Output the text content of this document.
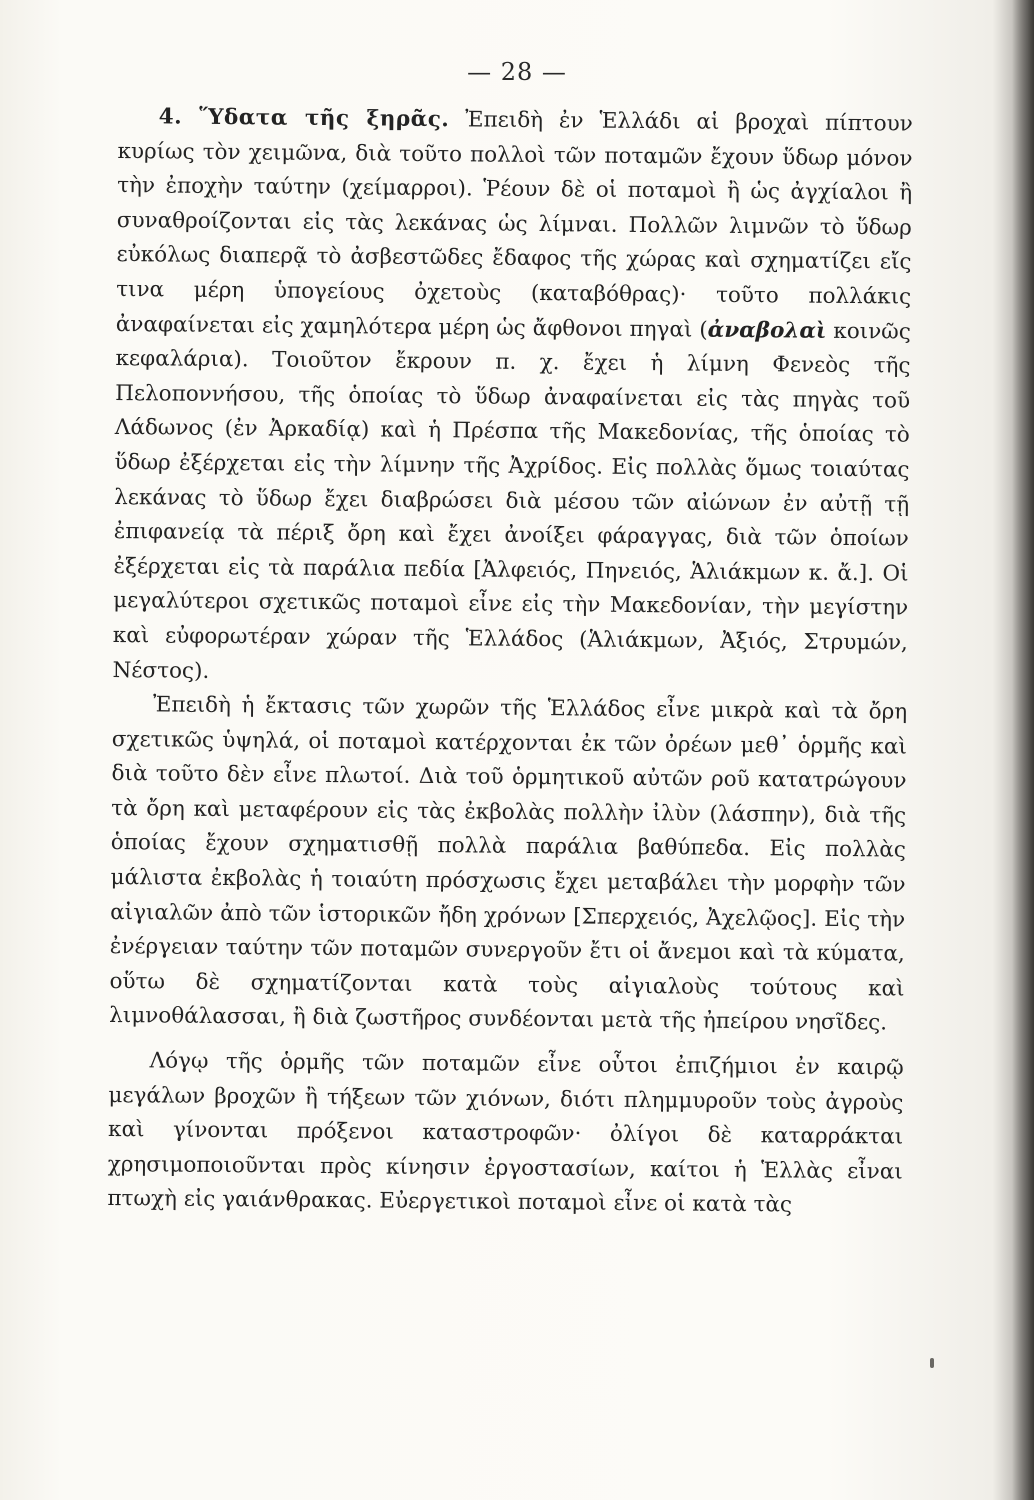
— 28 —

4. Ὕδατα τῆς ξηρᾶς. Ἐπειδὴ ἐν Ἑλλάδι αἱ βροχαὶ πίπτουν κυρίως τὸν χειμῶνα, διὰ τοῦτο πολλοὶ τῶν ποταμῶν ἔχουν ὕδωρ μόνον τὴν ἐποχὴν ταύτην (χείμαρροι). Ῥέουν δὲ οἱ ποταμοὶ ἢ ὡς ἀγχίαλοι ἢ συναθροίζονται εἰς τὰς λεκάνας ὡς λίμναι. Πολλῶν λιμνῶν τὸ ὕδωρ εὐκόλως διαπερᾷ τὸ ἀσβεστῶδες ἔδαφος τῆς χώρας καὶ σχηματίζει εἴς τινα μέρη ὑπογείους ὀχετοὺς (καταβόθρας)· τοῦτο πολλάκις ἀναφαίνεται εἰς χαμηλότερα μέρη ὡς ἄφθονοι πηγαὶ (ἀναβολαὶ κοινῶς κεφαλάρια). Τοιοῦτον ἔκρουν π. χ. ἔχει ἡ λίμνη Φενεὸς τῆς Πελοποννήσου, τῆς ὁποίας τὸ ὕδωρ ἀναφαίνεται εἰς τὰς πηγὰς τοῦ Λάδωνος (ἐν Ἀρκαδίᾳ) καὶ ἡ Πρέσπα τῆς Μακεδονίας, τῆς ὁποίας τὸ ὕδωρ ἐξέρχεται εἰς τὴν λίμνην τῆς Ἀχρίδος. Εἰς πολλὰς ὅμως τοιαύτας λεκάνας τὸ ὕδωρ ἔχει διαβρώσει διὰ μέσου τῶν αἰώνων ἐν αὐτῇ τῇ ἐπιφανείᾳ τὰ πέριξ ὄρη καὶ ἔχει ἀνοίξει φάραγγας, διὰ τῶν ὁποίων ἐξέρχεται εἰς τὰ παράλια πεδία [Ἀλφειός, Πηνειός, Ἁλιάκμων κ. ἄ.]. Οἱ μεγαλύτεροι σχετικῶς ποταμοὶ εἶνε εἰς τὴν Μακεδονίαν, τὴν μεγίστην καὶ εὐφορωτέραν χώραν τῆς Ἑλλάδος (Ἁλιάκμων, Ἀξιός, Στρυμών, Νέστος).

Ἐπειδὴ ἡ ἔκτασις τῶν χωρῶν τῆς Ἑλλάδος εἶνε μικρὰ καὶ τὰ ὄρη σχετικῶς ὑψηλά, οἱ ποταμοὶ κατέρχονται ἐκ τῶν ὀρέων μεθ᾽ ὁρμῆς καὶ διὰ τοῦτο δὲν εἶνε πλωτοί. Διὰ τοῦ ὁρμητικοῦ αὐτῶν ροῦ κατατρώγουν τὰ ὄρη καὶ μεταφέρουν εἰς τὰς ἐκβολὰς πολλὴν ἰλὺν (λάσπην), διὰ τῆς ὁποίας ἔχουν σχηματισθῇ πολλὰ παράλια βαθύπεδα. Εἰς πολλὰς μάλιστα ἐκβολὰς ἡ τοιαύτη πρόσχωσις ἔχει μεταβάλει τὴν μορφὴν τῶν αἰγιαλῶν ἀπὸ τῶν ἱστορικῶν ἤδη χρόνων [Σπερχειός, Ἀχελῷος]. Εἰς τὴν ἐνέργειαν ταύτην τῶν ποταμῶν συνεργοῦν ἔτι οἱ ἄνεμοι καὶ τὰ κύματα, οὕτω δὲ σχηματίζονται κατὰ τοὺς αἰγιαλοὺς τούτους καὶ λιμνοθάλασσαι, ἢ διὰ ζωστῆρος συνδέονται μετὰ τῆς ἠπείρου νησῖδες.

Λόγῳ τῆς ὁρμῆς τῶν ποταμῶν εἶνε οὗτοι ἐπιζήμιοι ἐν καιρῷ μεγάλων βροχῶν ἢ τήξεων τῶν χιόνων, διότι πλημμυροῦν τοὺς ἀγροὺς καὶ γίνονται πρόξενοι καταστροφῶν· ὀλίγοι δὲ καταρράκται χρησιμοποιοῦνται πρὸς κίνησιν ἐργοστασίων, καίτοι ἡ Ἑλλὰς εἶναι πτωχὴ εἰς γαιάνθρακας. Εὐεργετικοὶ ποταμοὶ εἶνε οἱ κατὰ τὰς
